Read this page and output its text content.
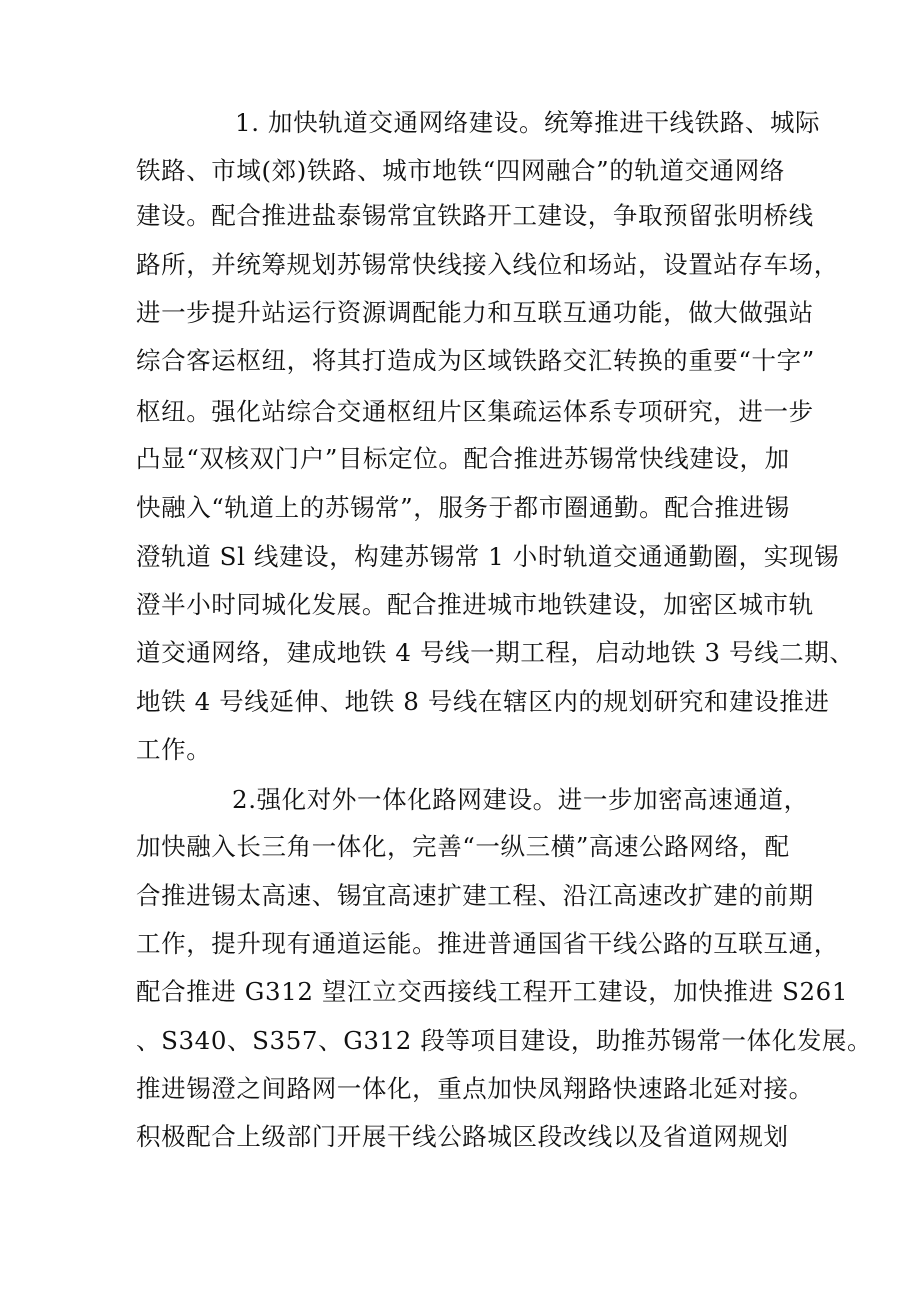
1. 加快轨道交通网络建设。统筹推进干线铁路、城际
铁路、市域(郊)铁路、城市地铁“四网融合”的轨道交通网络
建设。配合推进盐泰锡常宜铁路开工建设，争取预留张明桥线
路所，并统筹规划苏锡常快线接入线位和场站，设置站存车场，
进一步提升站运行资源调配能力和互联互通功能，做大做强站
综合客运枢纽，将其打造成为区域铁路交汇转换的重要“十字”
枢纽。强化站综合交通枢纽片区集疏运体系专项研究，进一步
凸显“双核双门户”目标定位。配合推进苏锡常快线建设，加
快融入“轨道上的苏锡常”，服务于都市圈通勤。配合推进锡
澄轨道 Sl 线建设，构建苏锡常 1 小时轨道交通通勤圈，实现锡
澄半小时同城化发展。配合推进城市地铁建设，加密区城市轨
道交通网络，建成地铁 4 号线一期工程，启动地铁 3 号线二期、
地铁 4 号线延伸、地铁 8 号线在辖区内的规划研究和建设推进
工作。
2.强化对外一体化路网建设。进一步加密高速通道，
加快融入长三角一体化，完善“一纵三横”高速公路网络，配
合推进锡太高速、锡宜高速扩建工程、沿江高速改扩建的前期
工作，提升现有通道运能。推进普通国省干线公路的互联互通，
配合推进 G312 望江立交西接线工程开工建设，加快推进 S261
、S340、S357、G312 段等项目建设，助推苏锡常一体化发展。
推进锡澄之间路网一体化，重点加快凤翔路快速路北延对接。
积极配合上级部门开展干线公路城区段改线以及省道网规划
